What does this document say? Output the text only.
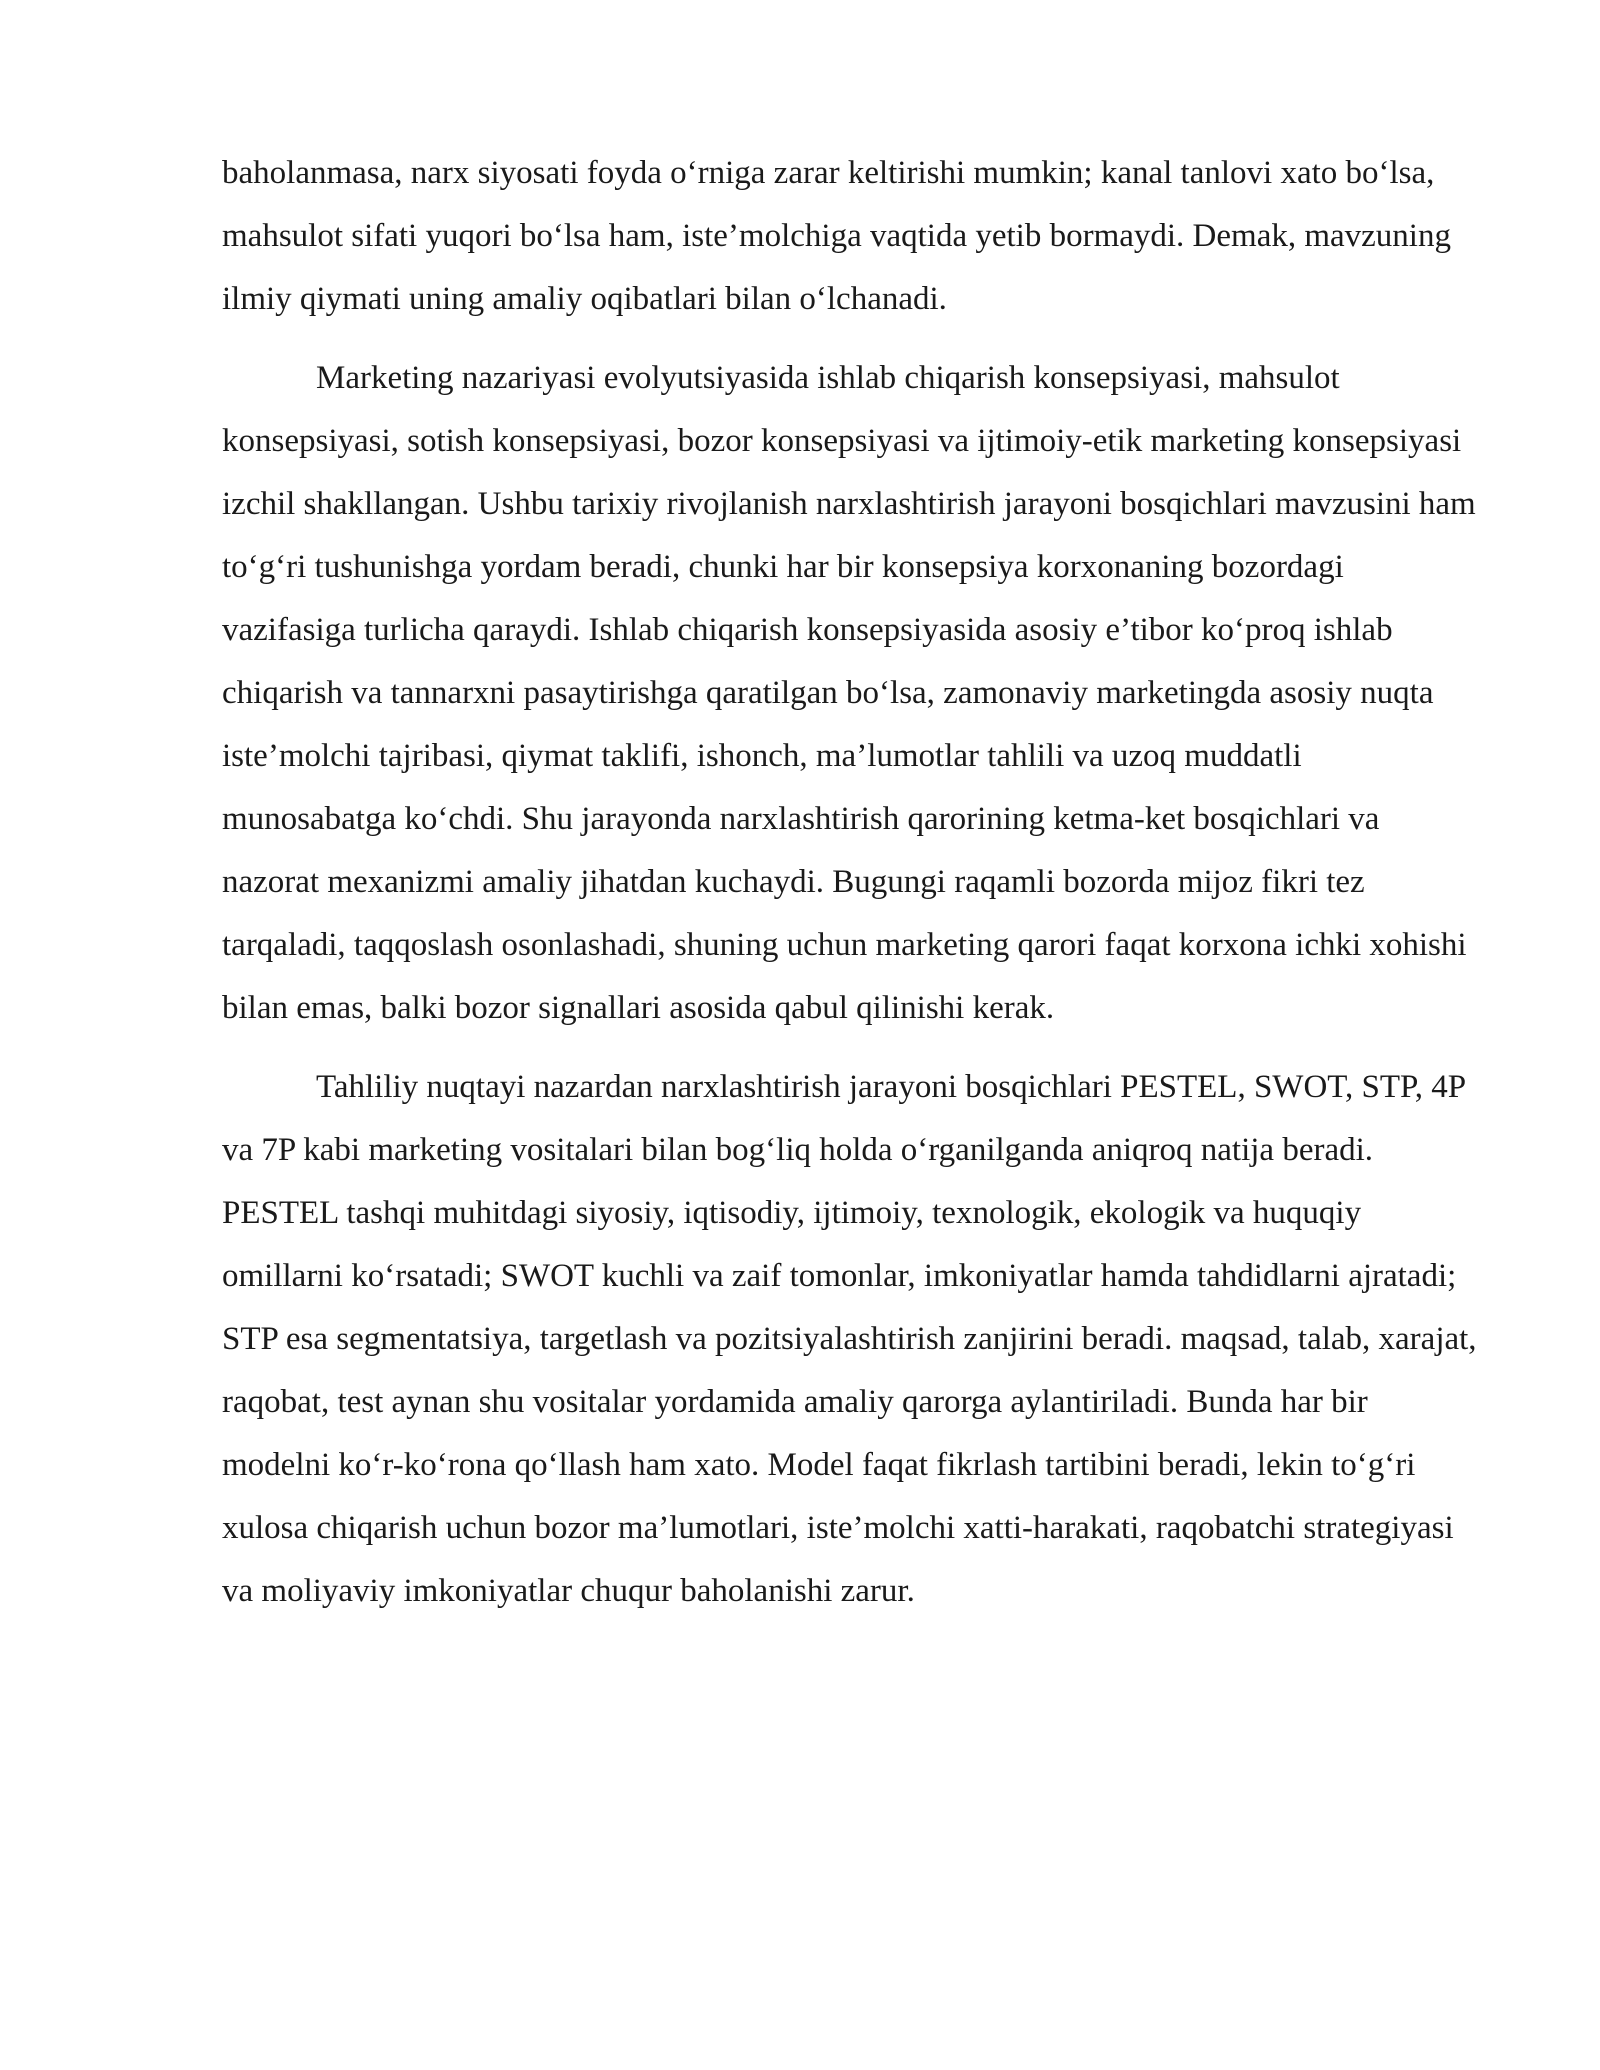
baholanmasa, narx siyosati foyda o‘rniga zarar keltirishi mumkin; kanal tanlovi xato bo‘lsa, mahsulot sifati yuqori bo‘lsa ham, iste’molchiga vaqtida yetib bormaydi. Demak, mavzuning ilmiy qiymati uning amaliy oqibatlari bilan o‘lchanadi.

Marketing nazariyasi evolyutsiyasida ishlab chiqarish konsepsiyasi, mahsulot konsepsiyasi, sotish konsepsiyasi, bozor konsepsiyasi va ijtimoiy-etik marketing konsepsiyasi izchil shakllangan. Ushbu tarixiy rivojlanish narxlashtirish jarayoni bosqichlari mavzusini ham to‘g‘ri tushunishga yordam beradi, chunki har bir konsepsiya korxonaning bozordagi vazifasiga turlicha qaraydi. Ishlab chiqarish konsepsiyasida asosiy e’tibor ko‘proq ishlab chiqarish va tannarxni pasaytirishga qaratilgan bo‘lsa, zamonaviy marketingda asosiy nuqta iste’molchi tajribasi, qiymat taklifi, ishonch, ma’lumotlar tahlili va uzoq muddatli munosabatga ko‘chdi. Shu jarayonda narxlashtirish qarorining ketma-ket bosqichlari va nazorat mexanizmi amaliy jihatdan kuchaydi. Bugungi raqamli bozorda mijoz fikri tez tarqaladi, taqqoslash osonlashadi, shuning uchun marketing qarori faqat korxona ichki xohishi bilan emas, balki bozor signallari asosida qabul qilinishi kerak.

Tahliliy nuqtayi nazardan narxlashtirish jarayoni bosqichlari PESTEL, SWOT, STP, 4P va 7P kabi marketing vositalari bilan bog‘liq holda o‘rganilganda aniqroq natija beradi. PESTEL tashqi muhitdagi siyosiy, iqtisodiy, ijtimoiy, texnologik, ekologik va huquqiy omillarni ko‘rsatadi; SWOT kuchli va zaif tomonlar, imkoniyatlar hamda tahdidlarni ajratadi; STP esa segmentatsiya, targetlash va pozitsiyalashtirish zanjirini beradi. maqsad, talab, xarajat, raqobat, test aynan shu vositalar yordamida amaliy qarorga aylantiriladi. Bunda har bir modelni ko‘r-ko‘rona qo‘llash ham xato. Model faqat fikrlash tartibini beradi, lekin to‘g‘ri xulosa chiqarish uchun bozor ma’lumotlari, iste’molchi xatti-harakati, raqobatchi strategiyasi va moliyaviy imkoniyatlar chuqur baholanishi zarur.
